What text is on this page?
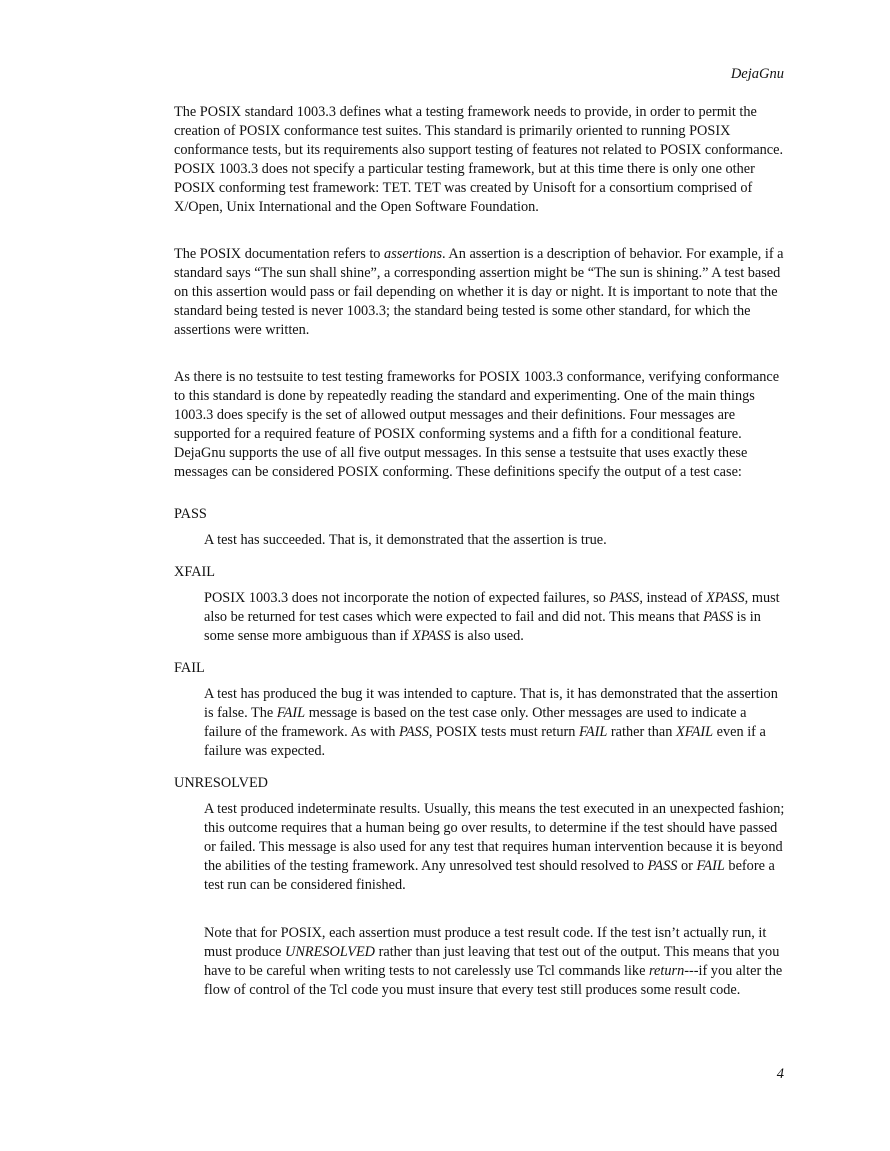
DejaGnu

The POSIX standard 1003.3 defines what a testing framework needs to provide, in order to permit the creation of POSIX conformance test suites. This standard is primarily oriented to running POSIX conformance tests, but its requirements also support testing of features not related to POSIX conformance. POSIX 1003.3 does not specify a particular testing framework, but at this time there is only one other POSIX conforming test framework: TET. TET was created by Unisoft for a consortium comprised of X/Open, Unix International and the Open Software Foundation.

The POSIX documentation refers to assertions. An assertion is a description of behavior. For example, if a standard says “The sun shall shine”, a corresponding assertion might be “The sun is shining.” A test based on this assertion would pass or fail depending on whether it is day or night. It is important to note that the standard being tested is never 1003.3; the standard being tested is some other standard, for which the assertions were written.

As there is no testsuite to test testing frameworks for POSIX 1003.3 conformance, verifying conformance to this standard is done by repeatedly reading the standard and experimenting. One of the main things 1003.3 does specify is the set of allowed output messages and their definitions. Four messages are supported for a required feature of POSIX conforming systems and a fifth for a conditional feature. DejaGnu supports the use of all five output messages. In this sense a testsuite that uses exactly these messages can be considered POSIX conforming. These definitions specify the output of a test case:

PASS
A test has succeeded. That is, it demonstrated that the assertion is true.
XFAIL
POSIX 1003.3 does not incorporate the notion of expected failures, so PASS, instead of XPASS, must also be returned for test cases which were expected to fail and did not. This means that PASS is in some sense more ambiguous than if XPASS is also used.
FAIL
A test has produced the bug it was intended to capture. That is, it has demonstrated that the assertion is false. The FAIL message is based on the test case only. Other messages are used to indicate a failure of the framework. As with PASS, POSIX tests must return FAIL rather than XFAIL even if a failure was expected.
UNRESOLVED
A test produced indeterminate results. Usually, this means the test executed in an unexpected fashion; this outcome requires that a human being go over results, to determine if the test should have passed or failed. This message is also used for any test that requires human intervention because it is beyond the abilities of the testing framework. Any unresolved test should resolved to PASS or FAIL before a test run can be considered finished.
Note that for POSIX, each assertion must produce a test result code. If the test isn’t actually run, it must produce UNRESOLVED rather than just leaving that test out of the output. This means that you have to be careful when writing tests to not carelessly use Tcl commands like return---if you alter the flow of control of the Tcl code you must insure that every test still produces some result code.
4
